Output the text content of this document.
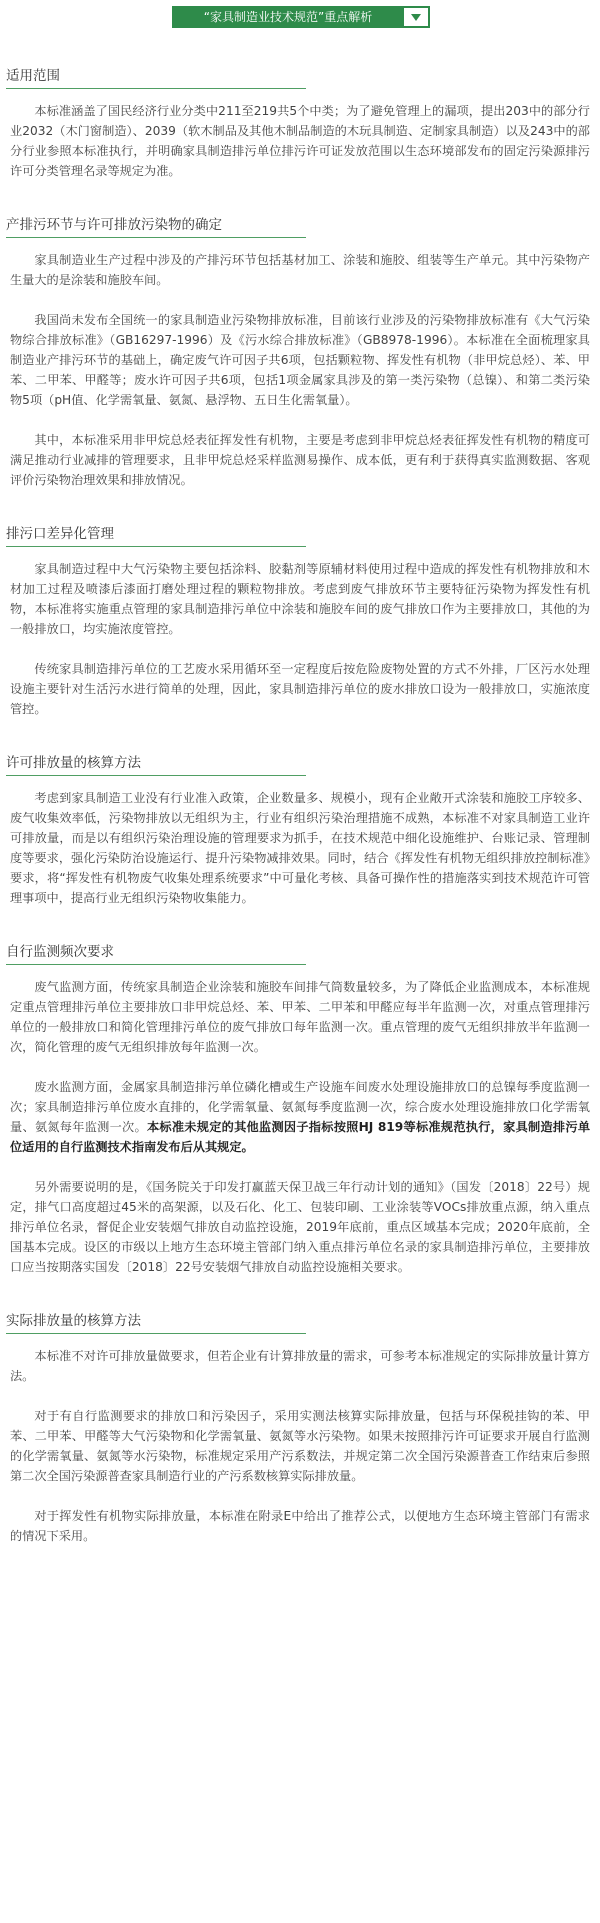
“家具制造业技术规范”重点解析
适用范围

本标准涵盖了国民经济行业分类中211至219共5个中类；为了避免管理上的漏项，提出203中的部分行业2032（木门窗制造）、2039（软木制品及其他木制品制造的木玩具制造、定制家具制造）以及243中的部分行业参照本标准执行，并明确家具制造排污单位排污许可证发放范围以生态环境部发布的固定污染源排污许可分类管理名录等规定为准。

产排污环节与许可排放污染物的确定

家具制造业生产过程中涉及的产排污环节包括基材加工、涂装和施胶、组装等生产单元。其中污染物产生量大的是涂装和施胶车间。

我国尚未发布全国统一的家具制造业污染物排放标准，目前该行业涉及的污染物排放标准有《大气污染物综合排放标准》（GB16297-1996）及《污水综合排放标准》（GB8978-1996）。本标准在全面梳理家具制造业产排污环节的基础上，确定废气许可因子共6项，包括颗粒物、挥发性有机物（非甲烷总烃）、苯、甲苯、二甲苯、甲醛等；废水许可因子共6项，包括1项金属家具涉及的第一类污染物（总镍）、和第二类污染物5项（pH值、化学需氧量、氨氮、悬浮物、五日生化需氧量）。

其中，本标准采用非甲烷总烃表征挥发性有机物，主要是考虑到非甲烷总烃表征挥发性有机物的精度可满足推动行业减排的管理要求，且非甲烷总烃采样监测易操作、成本低，更有利于获得真实监测数据、客观评价污染物治理效果和排放情况。

排污口差异化管理

家具制造过程中大气污染物主要包括涂料、胶黏剂等原辅材料使用过程中造成的挥发性有机物排放和木材加工过程及喷漆后漆面打磨处理过程的颗粒物排放。考虑到废气排放环节主要特征污染物为挥发性有机物，本标准将实施重点管理的家具制造排污单位中涂装和施胶车间的废气排放口作为主要排放口，其他的为一般排放口，均实施浓度管控。

传统家具制造排污单位的工艺废水采用循环至一定程度后按危险废物处置的方式不外排，厂区污水处理设施主要针对生活污水进行简单的处理，因此，家具制造排污单位的废水排放口设为一般排放口，实施浓度管控。

许可排放量的核算方法

考虑到家具制造工业没有行业准入政策，企业数量多、规模小，现有企业敞开式涂装和施胶工序较多、废气收集效率低，污染物排放以无组织为主，行业有组织污染治理措施不成熟，本标准不对家具制造工业许可排放量，而是以有组织污染治理设施的管理要求为抓手，在技术规范中细化设施维护、台账记录、管理制度等要求，强化污染防治设施运行、提升污染物减排效果。同时，结合《挥发性有机物无组织排放控制标准》要求，将“挥发性有机物废气收集处理系统要求”中可量化考核、具备可操作性的措施落实到技术规范许可管理事项中，提高行业无组织污染物收集能力。

自行监测频次要求

废气监测方面，传统家具制造企业涂装和施胶车间排气筒数量较多，为了降低企业监测成本，本标准规定重点管理排污单位主要排放口非甲烷总烃、苯、甲苯、二甲苯和甲醛应每半年监测一次，对重点管理排污单位的一般排放口和简化管理排污单位的废气排放口每年监测一次。重点管理的废气无组织排放半年监测一次，简化管理的废气无组织排放每年监测一次。

废水监测方面，金属家具制造排污单位磷化槽或生产设施车间废水处理设施排放口的总镍每季度监测一次；家具制造排污单位废水直排的，化学需氧量、氨氮每季度监测一次，综合废水处理设施排放口化学需氧量、氨氮每年监测一次。本标准未规定的其他监测因子指标按照HJ 819等标准规范执行，家具制造排污单位适用的自行监测技术指南发布后从其规定。

另外需要说明的是，《国务院关于印发打赢蓝天保卫战三年行动计划的通知》（国发〔2018〕22号）规定，排气口高度超过45米的高架源，以及石化、化工、包装印刷、工业涂装等VOCs排放重点源，纳入重点排污单位名录，督促企业安装烟气排放自动监控设施，2019年底前，重点区域基本完成；2020年底前，全国基本完成。设区的市级以上地方生态环境主管部门纳入重点排污单位名录的家具制造排污单位，主要排放口应当按期落实国发〔2018〕22号安装烟气排放自动监控设施相关要求。

实际排放量的核算方法

本标准不对许可排放量做要求，但若企业有计算排放量的需求，可参考本标准规定的实际排放量计算方法。

对于有自行监测要求的排放口和污染因子，采用实测法核算实际排放量，包括与环保税挂钩的苯、甲苯、二甲苯、甲醛等大气污染物和化学需氧量、氨氮等水污染物。如果未按照排污许可证要求开展自行监测的化学需氧量、氨氮等水污染物，标准规定采用产污系数法，并规定第二次全国污染源普查工作结束后参照第二次全国污染源普查家具制造行业的产污系数核算实际排放量。

对于挥发性有机物实际排放量，本标准在附录E中给出了推荐公式，以便地方生态环境主管部门有需求的情况下采用。
